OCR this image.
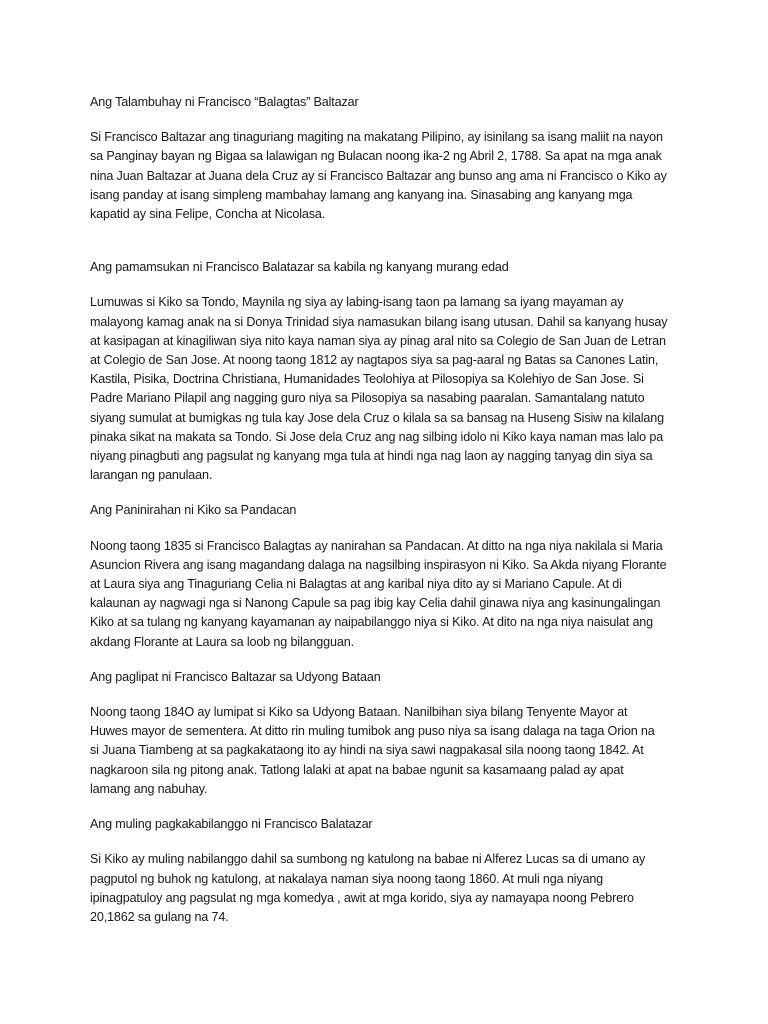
Ang Talambuhay ni Francisco “Balagtas” Baltazar
Si Francisco Baltazar ang tinaguriang magiting na makatang Pilipino, ay isinilang sa isang maliit na nayon
sa Panginay bayan ng Bigaa sa lalawigan ng Bulacan noong ika-2 ng Abril 2, 1788. Sa apat na mga anak
nina Juan Baltazar at Juana dela Cruz ay si Francisco Baltazar ang bunso ang ama ni Francisco o Kiko ay
isang panday at isang simpleng mambahay lamang ang kanyang ina. Sinasabing ang kanyang mga
kapatid ay sina Felipe, Concha at Nicolasa.
Ang pamamsukan ni Francisco Balatazar sa kabila ng kanyang murang edad
Lumuwas si Kiko sa Tondo, Maynila ng siya ay labing-isang taon pa lamang sa iyang mayaman ay
malayong kamag anak na si Donya Trinidad siya namasukan bilang isang utusan. Dahil sa kanyang husay
at kasipagan at kinagiliwan siya nito kaya naman siya ay pinag aral nito sa Colegio de San Juan de Letran
at Colegio de San Jose. At noong taong 1812 ay nagtapos siya sa pag-aaral ng Batas sa Canones Latin,
Kastila, Pisika, Doctrina Christiana, Humanidades Teolohiya at Pilosopiya sa Kolehiyo de San Jose. Si
Padre Mariano Pilapil ang nagging guro niya sa Pilosopiya sa nasabing paaralan. Samantalang natuto
siyang sumulat at bumigkas ng tula kay Jose dela Cruz o kilala sa sa bansag na Huseng Sisiw na kilalang
pinaka sikat na makata sa Tondo. Si Jose dela Cruz ang nag silbing idolo ni Kiko kaya naman mas lalo pa
niyang pinagbuti ang pagsulat ng kanyang mga tula at hindi nga nag laon ay nagging tanyag din siya sa
larangan ng panulaan.
Ang Paninirahan ni Kiko sa Pandacan
Noong taong 1835 si Francisco Balagtas ay nanirahan sa Pandacan. At ditto na nga niya nakilala si Maria
Asuncion Rivera ang isang magandang dalaga na nagsilbing inspirasyon ni Kiko. Sa Akda niyang Florante
at Laura siya ang Tinaguriang Celia ni Balagtas at ang karibal niya dito ay si Mariano Capule. At di
kalaunan ay nagwagi nga si Nanong Capule sa pag ibig kay Celia dahil ginawa niya ang kasinungalingan
Kiko at sa tulang ng kanyang kayamanan ay naipabilanggo niya si Kiko. At dito na nga niya naisulat ang
akdang Florante at Laura sa loob ng bilangguan.
Ang paglipat ni Francisco Baltazar sa Udyong Bataan
Noong taong 184O ay lumipat si Kiko sa Udyong Bataan. Nanilbihan siya bilang Tenyente Mayor at
Huwes mayor de sementera. At ditto rin muling tumibok ang puso niya sa isang dalaga na taga Orion na
si Juana Tiambeng at sa pagkakataong ito ay hindi na siya sawi nagpakasal sila noong taong 1842. At
nagkaroon sila ng pitong anak. Tatlong lalaki at apat na babae ngunit sa kasamaang palad ay apat
lamang ang nabuhay.
Ang muling pagkakabilanggo ni Francisco Balatazar
Si Kiko ay muling nabilanggo dahil sa sumbong ng katulong na babae ni Alferez Lucas sa di umano ay
pagputol ng buhok ng katulong, at nakalaya naman siya noong taong 1860. At muli nga niyang
ipinagpatuloy ang pagsulat ng mga komedya , awit at mga korido, siya ay namayapa noong Pebrero
20,1862 sa gulang na 74.
